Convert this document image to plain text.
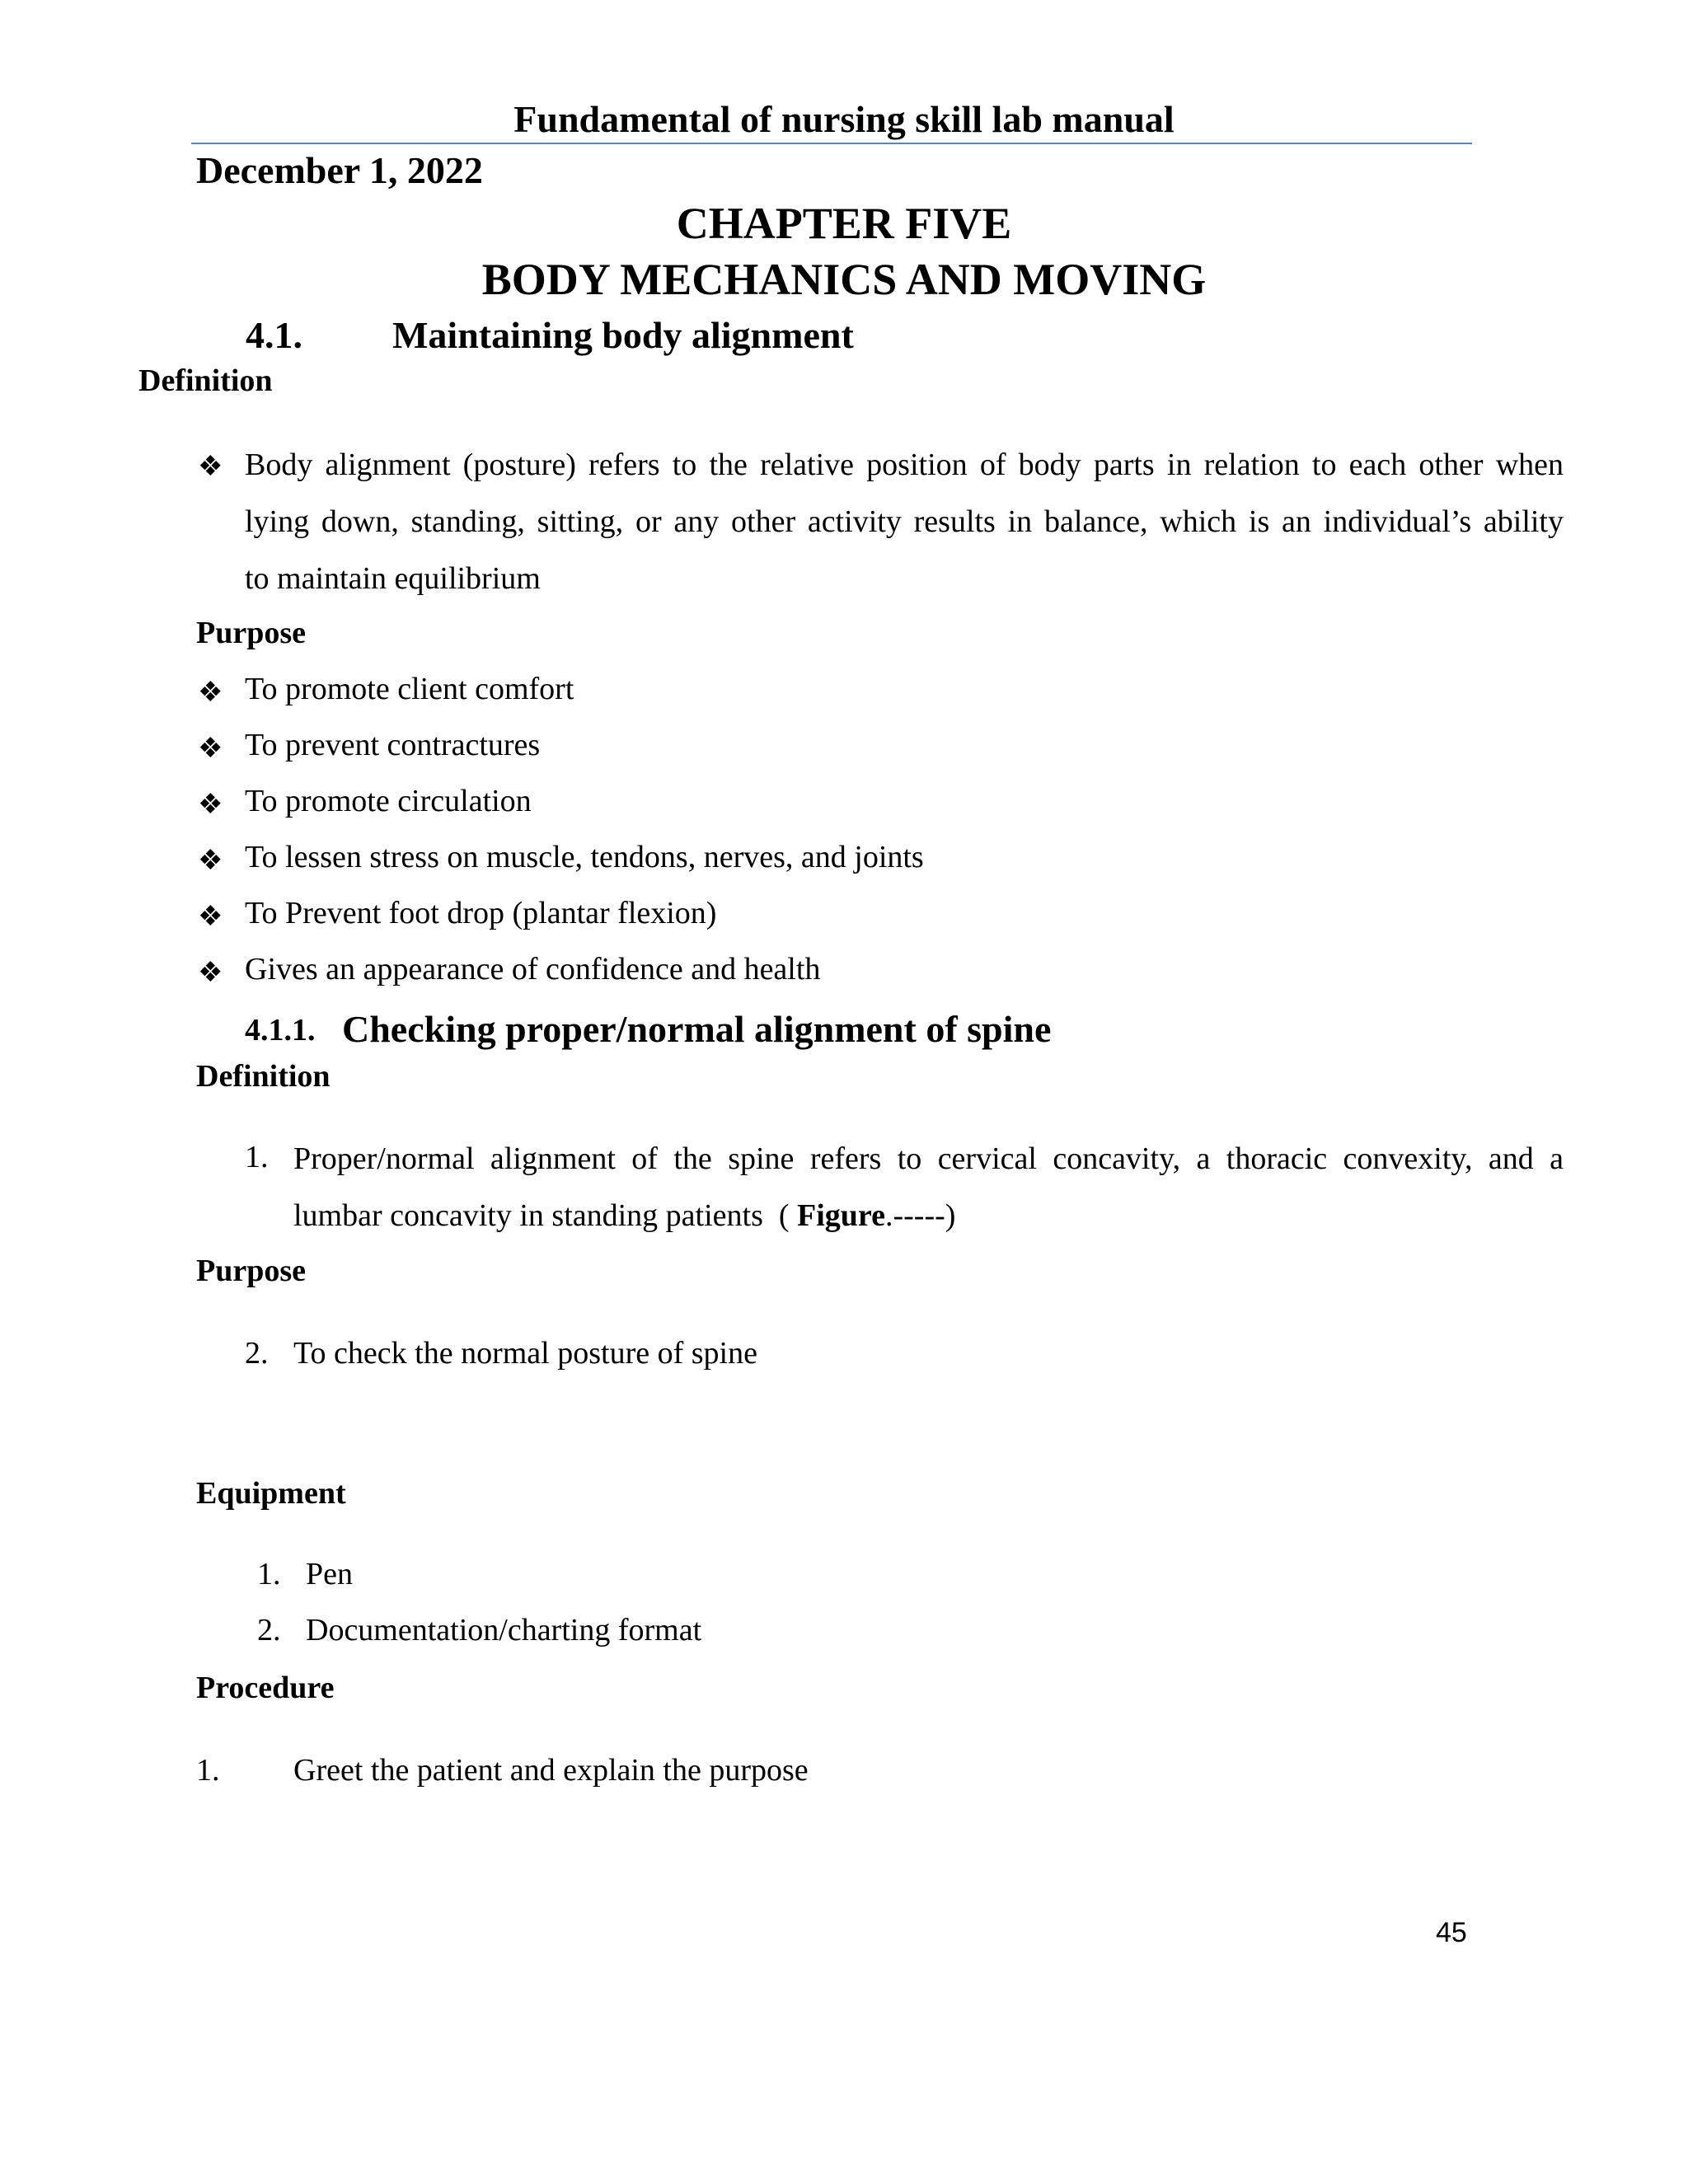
Fundamental of nursing skill lab manual
December 1, 2022
CHAPTER FIVE
BODY MECHANICS AND MOVING
4.1. Maintaining body alignment
Definition
❖ Body alignment (posture) refers to the relative position of body parts in relation to each other when
lying down, standing, sitting, or any other activity results in balance, which is an individual’s ability
to maintain equilibrium
Purpose
❖ To promote client comfort
❖ To prevent contractures
❖ To promote circulation
❖ To lessen stress on muscle, tendons, nerves, and joints
❖ To Prevent foot drop (plantar flexion)
❖ Gives an appearance of confidence and health
4.1.1. Checking proper/normal alignment of spine
Definition
1. Proper/normal alignment of the spine refers to cervical concavity, a thoracic convexity, and a
lumbar concavity in standing patients  ( Figure.-----)
Purpose
2. To check the normal posture of spine
Equipment
1. Pen
2. Documentation/charting format
Procedure
1. Greet the patient and explain the purpose
45
